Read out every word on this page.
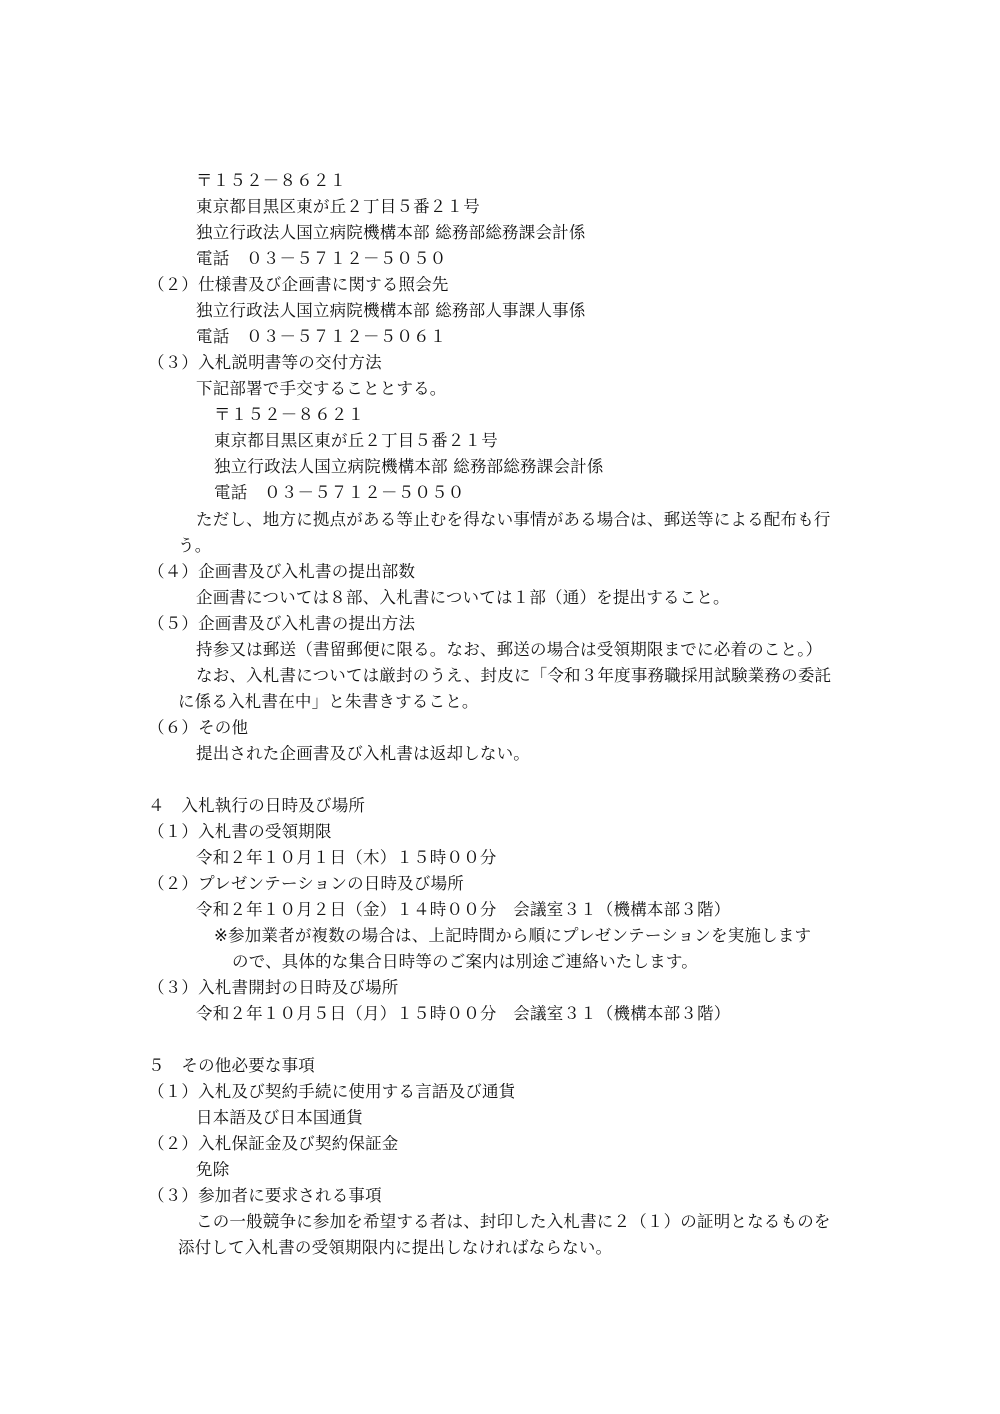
〒１５２－８６２１
東京都目黒区東が丘２丁目５番２１号
独立行政法人国立病院機構本部 総務部総務課会計係
電話　０３－５７１２－５０５０
（２）仕様書及び企画書に関する照会先
独立行政法人国立病院機構本部 総務部人事課人事係
電話　０３－５７１２－５０６１
（３）入札説明書等の交付方法
下記部署で手交することとする。
〒１５２－８６２１
東京都目黒区東が丘２丁目５番２１号
独立行政法人国立病院機構本部 総務部総務課会計係
電話　０３－５７１２－５０５０
ただし、地方に拠点がある等止むを得ない事情がある場合は、郵送等による配布も行
う。
（４）企画書及び入札書の提出部数
企画書については８部、入札書については１部（通）を提出すること。
（５）企画書及び入札書の提出方法
持参又は郵送（書留郵便に限る。なお、郵送の場合は受領期限までに必着のこと。）
なお、入札書については厳封のうえ、封皮に「令和３年度事務職採用試験業務の委託
に係る入札書在中」と朱書きすること。
（６）その他
提出された企画書及び入札書は返却しない。
４　入札執行の日時及び場所
（１）入札書の受領期限
令和２年１０月１日（木）１５時００分
（２）プレゼンテーションの日時及び場所
令和２年１０月２日（金）１４時００分　会議室３１（機構本部３階）
※参加業者が複数の場合は、上記時間から順にプレゼンテーションを実施します
ので、具体的な集合日時等のご案内は別途ご連絡いたします。
（３）入札書開封の日時及び場所
令和２年１０月５日（月）１５時００分　会議室３１（機構本部３階）
５　その他必要な事項
（１）入札及び契約手続に使用する言語及び通貨
日本語及び日本国通貨
（２）入札保証金及び契約保証金
免除
（３）参加者に要求される事項
この一般競争に参加を希望する者は、封印した入札書に２（１）の証明となるものを
添付して入札書の受領期限内に提出しなければならない。
